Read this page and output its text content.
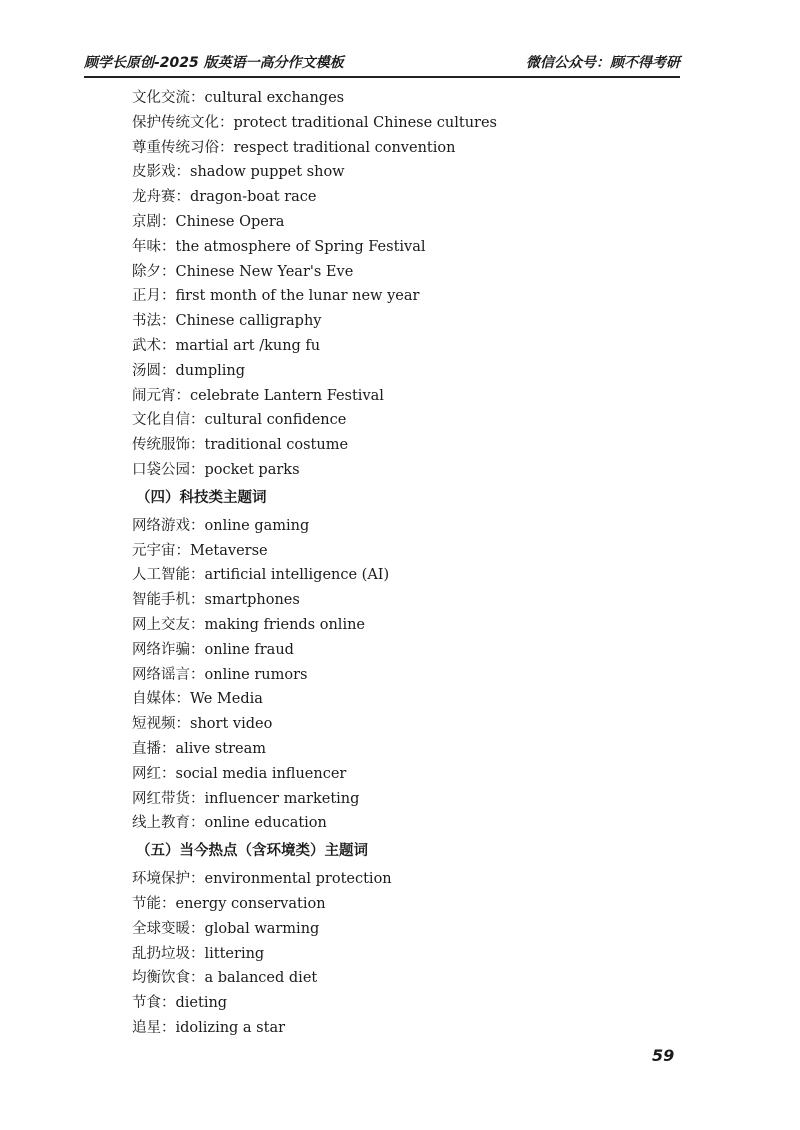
顾学长原创-2025 版英语一高分作文模板	微信公众号：顾不得考研
文化交流：cultural exchanges
保护传统文化：protect traditional Chinese cultures
尊重传统习俗：respect traditional convention
皮影戏：shadow puppet show
龙舟赛：dragon-boat race
京剧：Chinese Opera
年味：the atmosphere of Spring Festival
除夕：Chinese New Year's Eve
正月：first month of the lunar new year
书法：Chinese calligraphy
武术：martial art /kung fu
汤圆：dumpling
闹元宵：celebrate Lantern Festival
文化自信：cultural confidence
传统服饰：traditional costume
口袋公园：pocket parks
（四）科技类主题词
网络游戏：online gaming
元宇宙：Metaverse
人工智能：artificial intelligence (AI)
智能手机：smartphones
网上交友：making friends online
网络诈骗：online fraud
网络谣言：online rumors
自媒体：We Media
短视频：short video
直播：alive stream
网红：social media influencer
网红带货：influencer marketing
线上教育：online education
（五）当今热点（含环境类）主题词
环境保护：environmental protection
节能：energy conservation
全球变暖：global warming
乱扔垃圾：littering
均衡饮食：a balanced diet
节食：dieting
追星：idolizing a star
59
